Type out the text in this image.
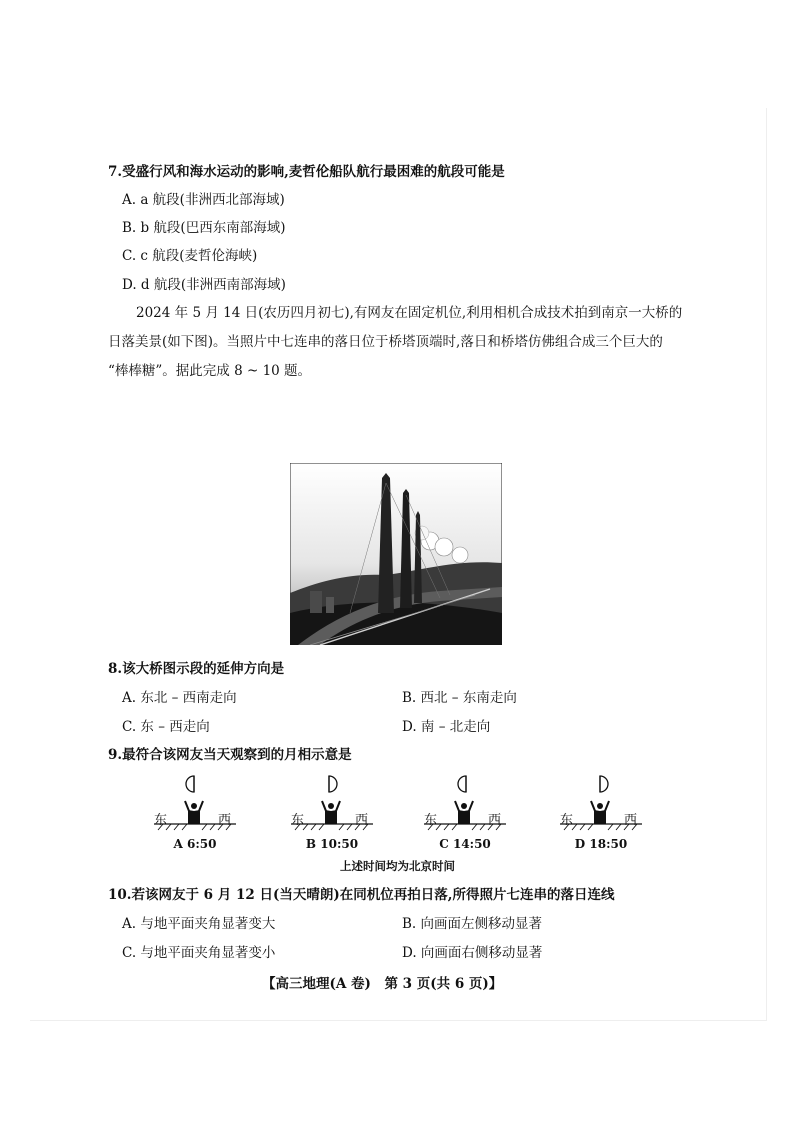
7.受盛行风和海水运动的影响,麦哲伦船队航行最困难的航段可能是
A. a 航段(非洲西北部海域)
B. b 航段(巴西东南部海域)
C. c 航段(麦哲伦海峡)
D. d 航段(非洲西南部海域)
2024 年 5 月 14 日(农历四月初七),有网友在固定机位,利用相机合成技术拍到南京一大桥的
日落美景(如下图)。当照片中七连串的落日位于桥塔顶端时,落日和桥塔仿佛组合成三个巨大的
“棒棒糖”。据此完成 8 ~ 10 题。
8.该大桥图示段的延伸方向是
A. 东北 – 西南走向	B. 西北 – 东南走向
C. 东 – 西走向	D. 南 – 北走向
9.最符合该网友当天观察到的月相示意是
东	西
A 6:50
东	西
B 10:50
东	西
C 14:50
东	西
D 18:50
上述时间均为北京时间
10.若该网友于 6 月 12 日(当天晴朗)在同机位再拍日落,所得照片七连串的落日连线
A. 与地平面夹角显著变大	B. 向画面左侧移动显著
C. 与地平面夹角显著变小	D. 向画面右侧移动显著
【高三地理(A 卷)　第 3 页(共 6 页)】
